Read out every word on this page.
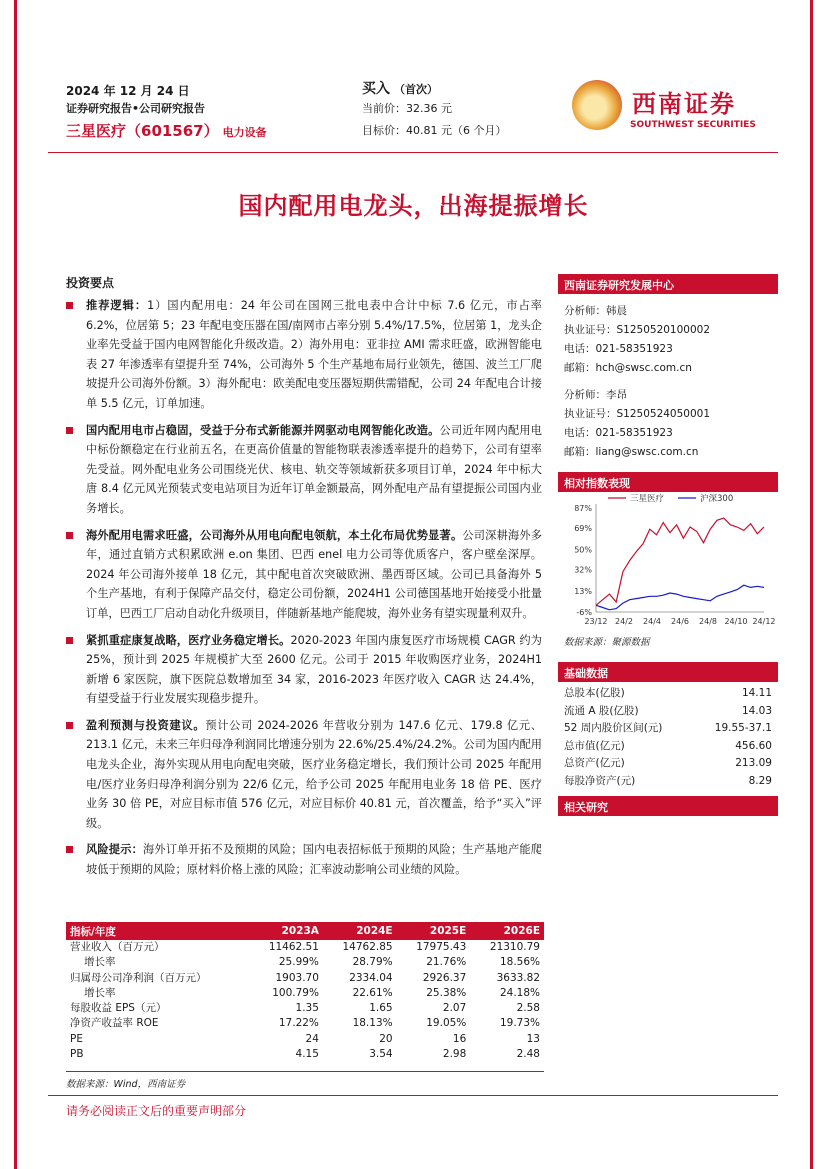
2024 年 12 月 24 日
证券研究报告•公司研究报告
三星医疗（601567） 电力设备
买入 （首次）
当前价：32.36 元
目标价：40.81 元（6 个月）
西南证券
SOUTHWEST SECURITIES
国内配用电龙头，出海提振增长
投资要点
推荐逻辑：1）国内配用电：24 年公司在国网三批电表中合计中标 7.6 亿元，市占率 6.2%，位居第 5；23 年配电变压器在国/南网市占率分别 5.4%/17.5%，位居第 1，龙头企业率先受益于国内电网智能化升级改造。2）海外用电：亚非拉 AMI 需求旺盛，欧洲智能电表 27 年渗透率有望提升至 74%，公司海外 5 个生产基地布局行业领先，德国、波兰工厂爬坡提升公司海外份额。3）海外配电：欧美配电变压器短期供需错配，公司 24 年配电合计接单 5.5 亿元，订单加速。
国内配用电市占稳固，受益于分布式新能源并网驱动电网智能化改造。公司近年网内配用电中标份额稳定在行业前五名，在更高价值量的智能物联表渗透率提升的趋势下，公司有望率先受益。网外配电业务公司围绕光伏、核电、轨交等领域新获多项目订单，2024 年中标大唐 8.4 亿元风光预装式变电站项目为近年订单金额最高，网外配电产品有望提振公司国内业务增长。
海外配用电需求旺盛，公司海外从用电向配电领航，本土化布局优势显著。公司深耕海外多年，通过直销方式积累欧洲 e.on 集团、巴西 enel 电力公司等优质客户，客户壁垒深厚。2024 年公司海外接单 18 亿元，其中配电首次突破欧洲、墨西哥区域。公司已具备海外 5 个生产基地，有利于保障产品交付，稳定公司份额，2024H1 公司德国基地开始接受小批量订单，巴西工厂启动自动化升级项目，伴随新基地产能爬坡，海外业务有望实现量利双升。
紧抓重症康复战略，医疗业务稳定增长。2020-2023 年国内康复医疗市场规模 CAGR 约为 25%，预计到 2025 年规模扩大至 2600 亿元。公司于 2015 年收购医疗业务，2024H1 新增 6 家医院，旗下医院总数增加至 34 家，2016-2023 年医疗收入 CAGR 达 24.4%，有望受益于行业发展实现稳步提升。
盈利预测与投资建议。预计公司 2024-2026 年营收分别为 147.6 亿元、179.8 亿元、213.1 亿元，未来三年归母净利润同比增速分别为 22.6%/25.4%/24.2%。公司为国内配用电龙头企业，海外实现从用电向配电突破，医疗业务稳定增长，我们预计公司 2025 年配用电/医疗业务归母净利润分别为 22/6 亿元，给予公司 2025 年配用电业务 18 倍 PE、医疗业务 30 倍 PE，对应目标市值 576 亿元，对应目标价 40.81 元，首次覆盖，给予“买入”评级。
风险提示：海外订单开拓不及预期的风险；国内电表招标低于预期的风险；生产基地产能爬坡低于预期的风险；原材料价格上涨的风险；汇率波动影响公司业绩的风险。
西南证券研究发展中心
分析师：韩晨
执业证号：S1250520100002
电话：021-58351923
邮箱：hch@swsc.com.cn
分析师：李昂
执业证号：S1250524050001
电话：021-58351923
邮箱：liang@swsc.com.cn
相对指数表现
87%
69%
50%
32%
13%
-6%
23/12 24/2 24/4 24/6 24/8 24/10 24/12
三星医疗	沪深300
数据来源：聚源数据
基础数据
总股本(亿股)	14.11
流通 A 股(亿股)	14.03
52 周内股价区间(元)	19.55-37.1
总市值(亿元)	456.60
总资产(亿元)	213.09
每股净资产(元)	8.29
相关研究
指标/年度	2023A	2024E	2025E	2026E
营业收入（百万元）	11462.51	14762.85	17975.43	21310.79
增长率	25.99%	28.79%	21.76%	18.56%
归属母公司净利润（百万元）	1903.70	2334.04	2926.37	3633.82
增长率	100.79%	22.61%	25.38%	24.18%
每股收益 EPS（元）	1.35	1.65	2.07	2.58
净资产收益率 ROE	17.22%	18.13%	19.05%	19.73%
PE	24	20	16	13
PB	4.15	3.54	2.98	2.48
数据来源：Wind，西南证券
请务必阅读正文后的重要声明部分
